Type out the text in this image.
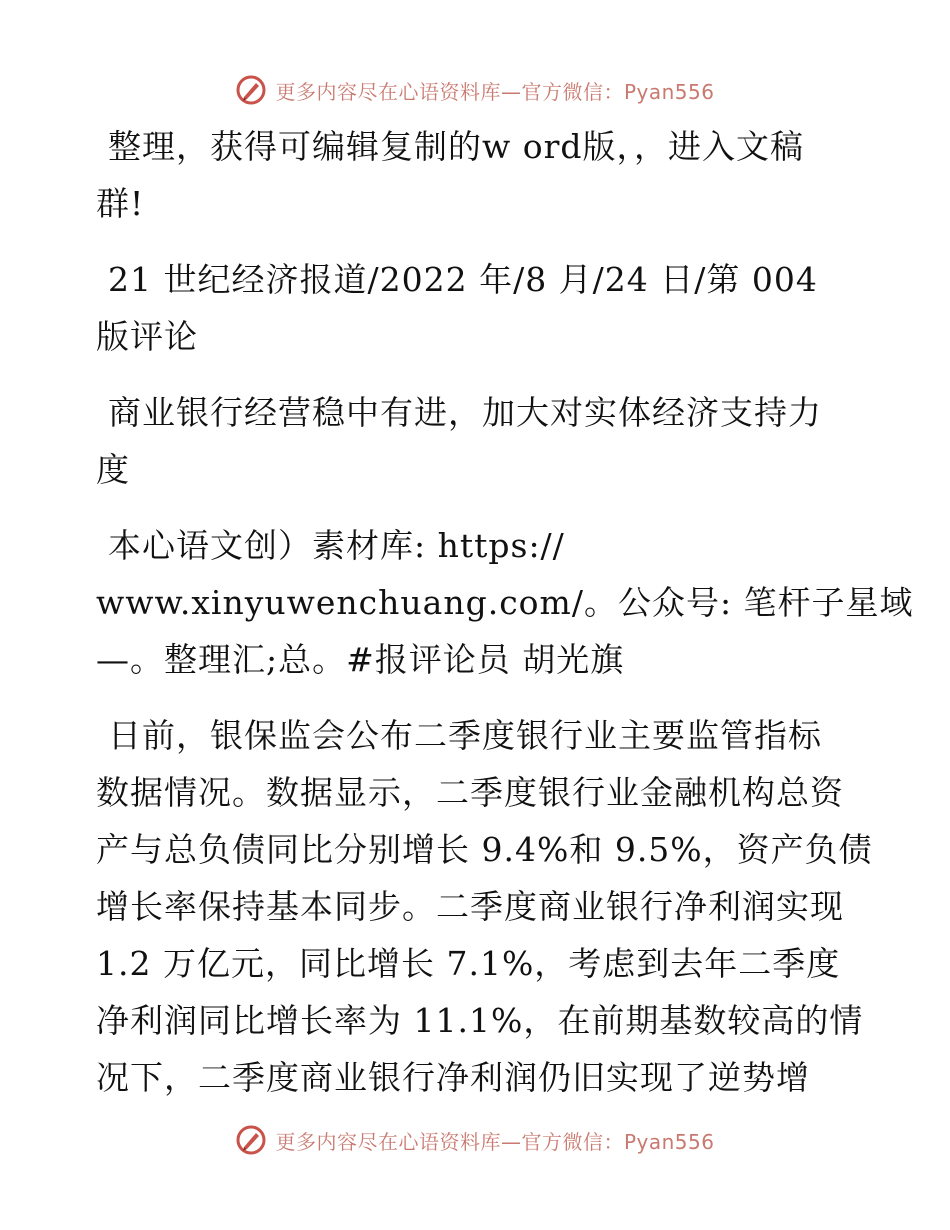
更多内容尽在心语资料库—官方微信：Pyan556
整理，获得可编辑复制的w ord版，，进入文稿
群!
21 世纪经济报道/2022 年/8 月/24 日/第 004
版评论
商业银行经营稳中有进，加大对实体经济支持力
度
本心语文创）素材库: https://
www.xinyuwenchuang.com/。公众号: 笔杆子星域
—。整理汇;总。#报评论员 胡光旗
日前，银保监会公布二季度银行业主要监管指标
数据情况。数据显示，二季度银行业金融机构总资
产与总负债同比分别增长 9.4%和 9.5%，资产负债
增长率保持基本同步。二季度商业银行净利润实现
1.2 万亿元，同比增长 7.1%，考虑到去年二季度
净利润同比增长率为 11.1%，在前期基数较高的情
况下，二季度商业银行净利润仍旧实现了逆势增
更多内容尽在心语资料库—官方微信：Pyan556
